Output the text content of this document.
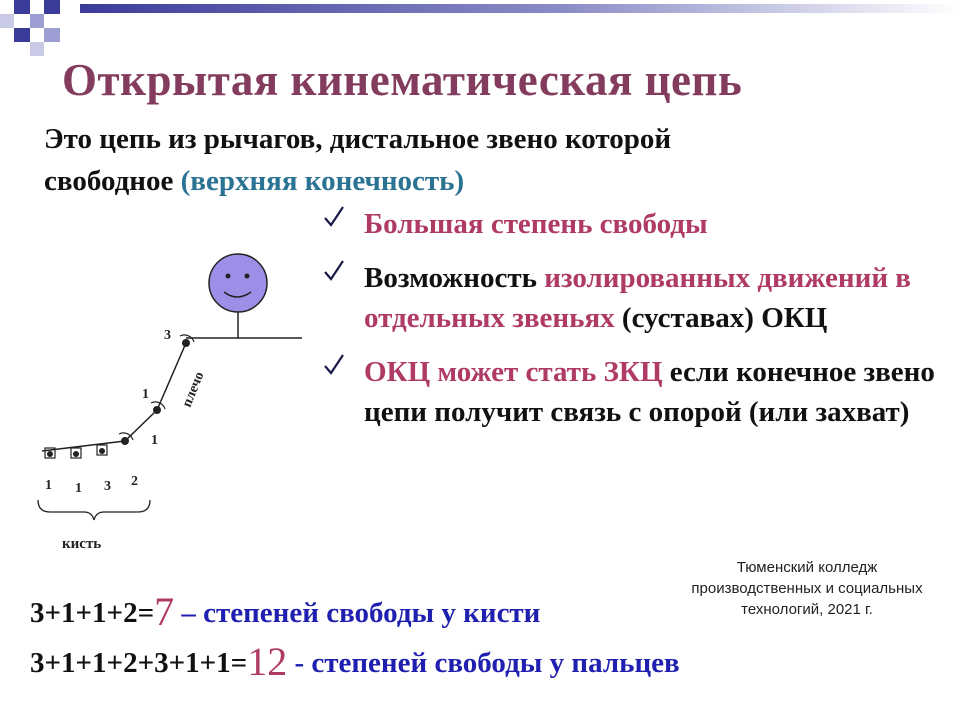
Открытая кинематическая цепь
Это цепь из рычагов, дистальное звено которой
свободное (верхняя конечность)
Большая степень свободы
Возможность изолированных движений в отдельных звеньях (суставах) ОКЦ
ОКЦ может стать ЗКЦ если конечное звено цепи получит связь с опорой (или захват)
плечо
3
1
1
2
1 1 3
кисть
Тюменский колледж
производственных и социальных
технологий, 2021 г.
3+1+1+2=7 – степеней свободы у кисти
3+1+1+2+3+1+1=12 - степеней свободы у пальцев
